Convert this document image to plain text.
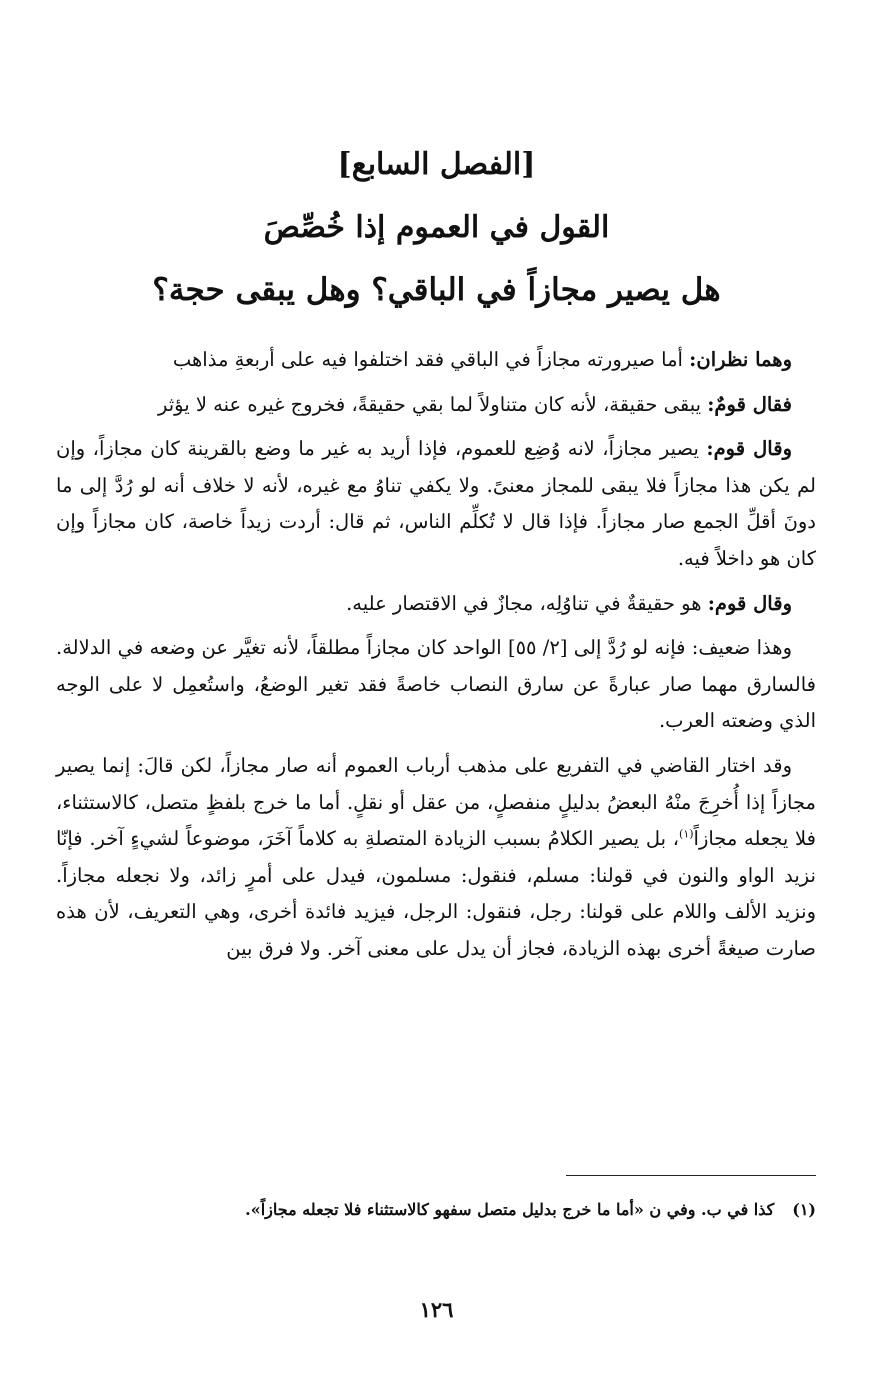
[الفصل السابع]
القول في العموم إذا خُصِّصَ
هل يصير مجازاً في الباقي؟ وهل يبقى حجة؟

وهما نظران: أما صيرورته مجازاً في الباقي فقد اختلفوا فيه على أربعةِ مذاهب

فقال قومٌ: يبقى حقيقة، لأنه كان متناولاً لما بقي حقيقةً، فخروج غيره عنه لا يؤثر

وقال قوم: يصير مجازاً، لانه وُضِع للعموم، فإذا أريد به غير ما وضع بالقرينة كان مجازاً، وإن لم يكن هذا مجازاً فلا يبقى للمجاز معنىً. ولا يكفي تناوُ مع غيره، لأنه لا خلاف أنه لو رُدَّ إلى ما دونَ أقلِّ الجمع صار مجازاً. فإذا قال لا تُكلِّم الناس، ثم قال: أردت زيداً خاصة، كان مجازاً وإن كان هو داخلاً فيه.

وقال قوم: هو حقيقةٌ في تناوُلِه، مجازٌ في الاقتصار عليه.

وهذا ضعيف: فإنه لو رُدَّ إلى [٢/ ٥٥] الواحد كان مجازاً مطلقاً، لأنه تغيَّر عن وضعه في الدلالة. فالسارق مهما صار عبارةً عن سارق النصاب خاصةً فقد تغير الوضعُ، واستُعمِل لا على الوجه الذي وضعته العرب.

وقد اختار القاضي في التفريع على مذهب أرباب العموم أنه صار مجازاً، لكن قالَ: إنما يصير مجازاً إذا أُخرِجَ منْهُ البعضُ بدليلٍ منفصلٍ، من عقل أو نقلٍ. أما ما خرج بلفظٍ متصل، كالاستثناء، فلا يجعله مجازاً$^{(١)}$، بل يصير الكلامُ بسبب الزيادة المتصلةِ به كلاماً آخَرَ، موضوعاً لشيءٍ آخر. فإنّا نزيد الواو والنون في قولنا: مسلم، فنقول: مسلمون، فيدل على أمرٍ زائد، ولا نجعله مجازاً. ونزيد الألف واللام على قولنا: رجل، فنقول: الرجل، فيزيد فائدة أخرى، وهي التعريف، لأن هذه صارت صيغةً أخرى بهذه الزيادة، فجاز أن يدل على معنى آخر. ولا فرق بين

(١)كذا في ب. وفي ن «أما ما خرج بدليل متصل سفهو كالاستثناء فلا تجعله مجازاً».
١٢٦
